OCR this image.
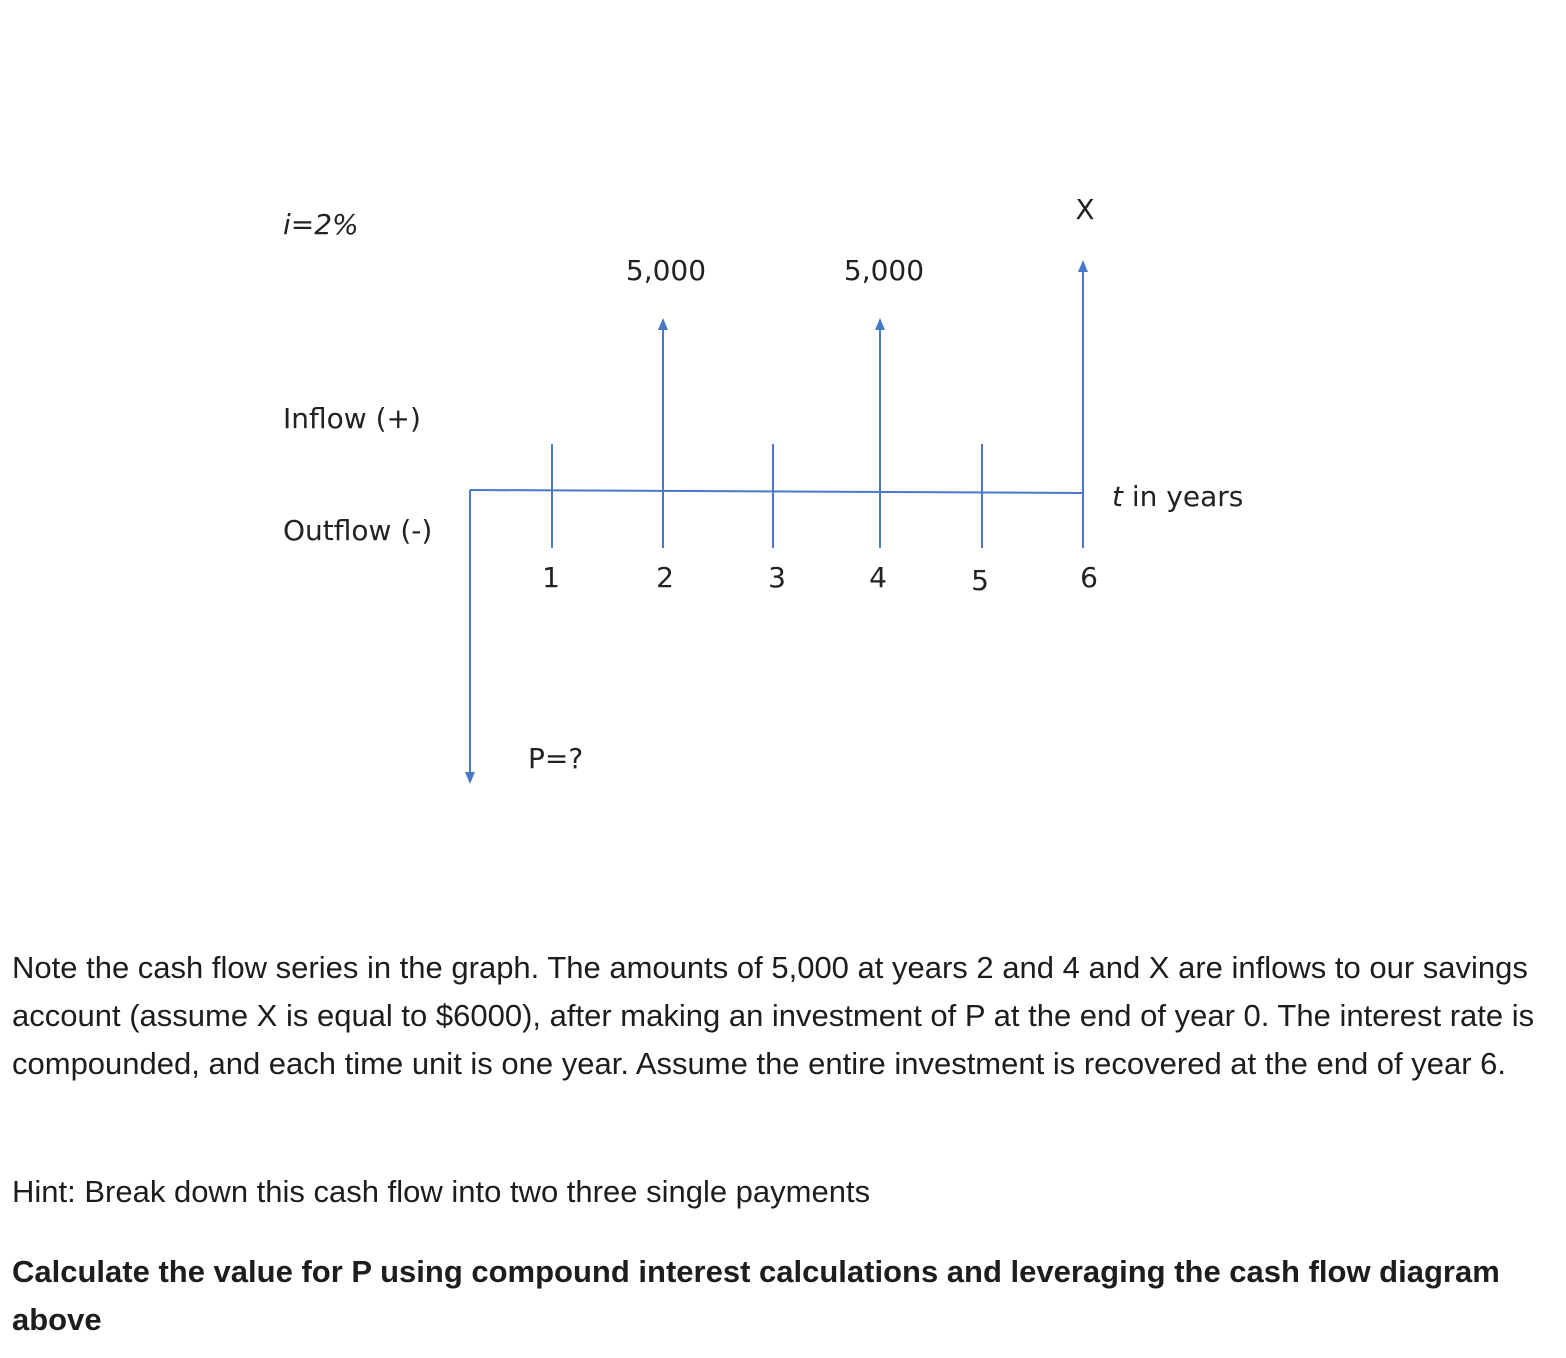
i=2%
Inflow (+)
Outflow (-)
t in years
5,000	5,000
X
P=?
1	2	3	4	5	6
Note the cash flow series in the graph. The amounts of 5,000 at years 2 and 4 and X are inflows to our savings account (assume X is equal to $6000), after making an investment of P at the end of year 0. The interest rate is compounded, and each time unit is one year. Assume the entire investment is recovered at the end of year 6.
Hint: Break down this cash flow into two three single payments
Calculate the value for P using compound interest calculations and leveraging the cash flow diagram above
